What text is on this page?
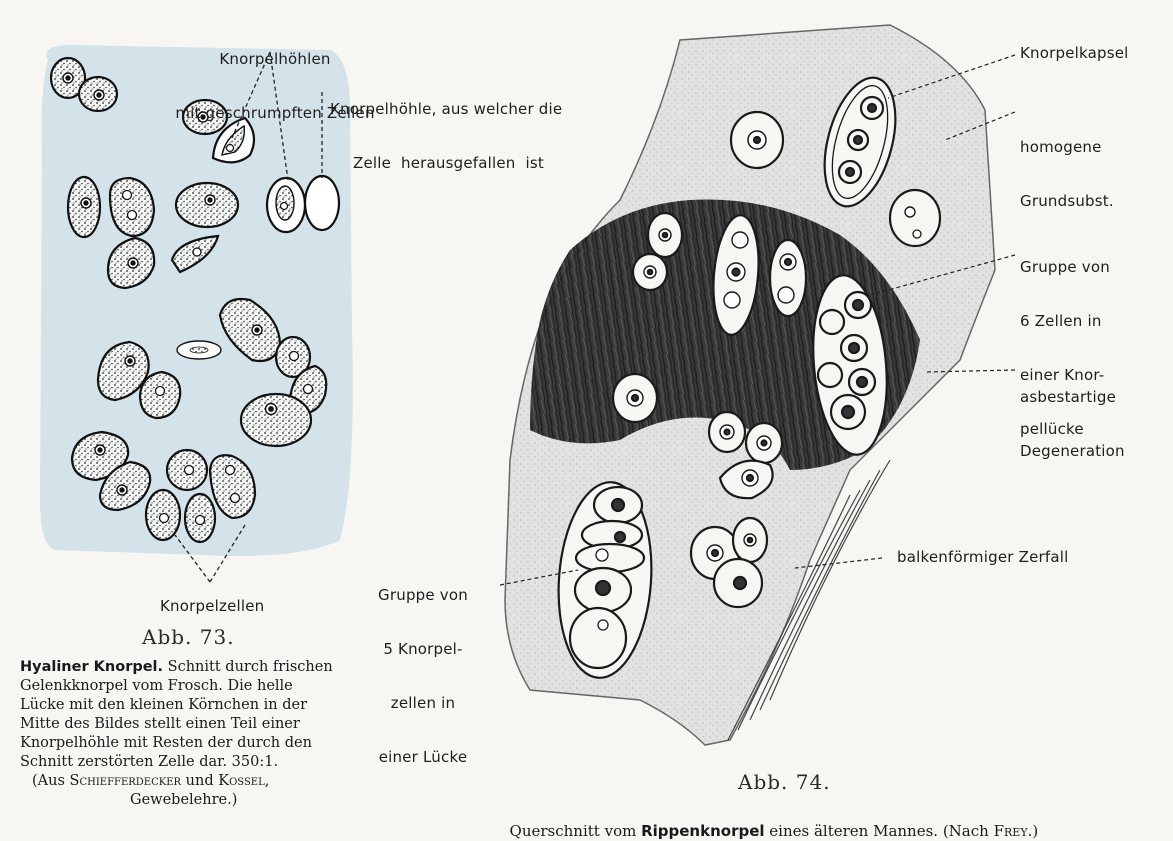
Knorpelhöhlen

mit geschrumpften Zellen

Knorpelhöhle, aus welcher die

Zelle  herausgefallen  ist

Knorpelzellen
Abb. 73.
Hyaliner Knorpel. Schnitt durch frischen
Gelenkknorpel vom Frosch. Die helle
Lücke mit den kleinen Körnchen in der
Mitte des Bildes stellt einen Teil einer
Knorpelhöhle mit Resten der durch den
Schnitt zerstörten Zelle dar. 350:1.
(Aus Schiefferdecker und Kossel,
Gewebelehre.)
Knorpelkapsel

homogene

Grundsubst.

Gruppe von

6 Zellen in

einer Knor-

pellücke

asbestartige

Degeneration

balkenförmiger Zerfall

Gruppe von

5 Knorpel-

zellen in

einer Lücke

Abb. 74.

Querschnitt vom Rippenknorpel eines älteren Mannes. (Nach Frey.)
